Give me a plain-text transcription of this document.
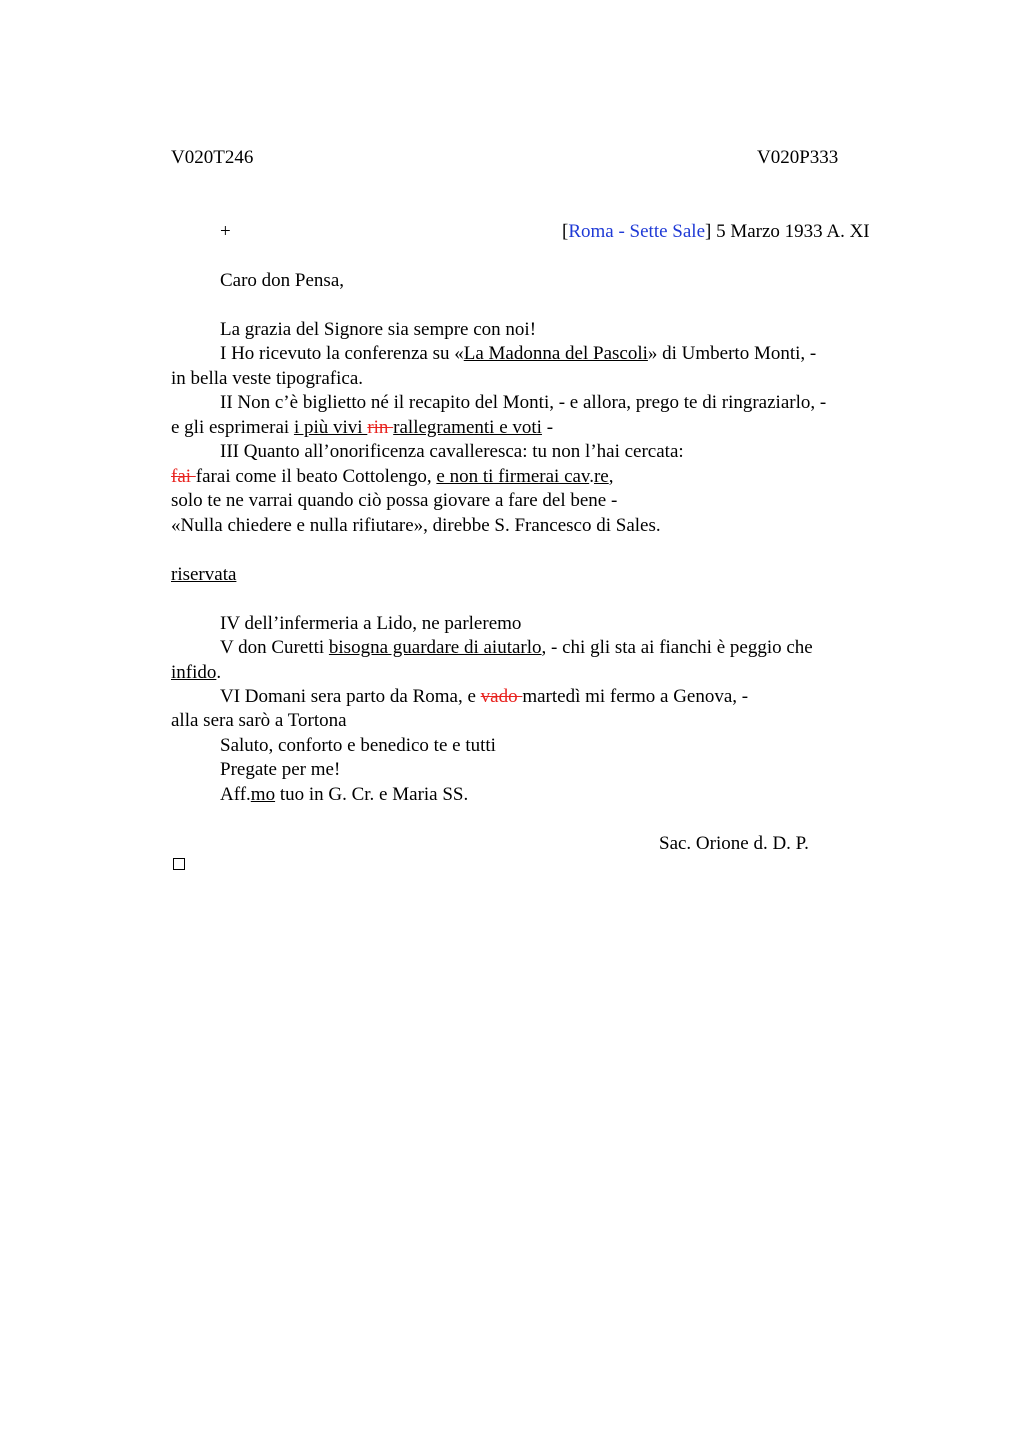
V020T246	V020P333
+	[Roma - Sette Sale] 5 Marzo 1933 A. XI
Caro don Pensa,
La grazia del Signore sia sempre con noi!
I Ho ricevuto la conferenza su «La Madonna del Pascoli» di Umberto Monti, -
in bella veste tipografica.
II Non c’è biglietto né il recapito del Monti, - e allora, prego te di ringraziarlo, -
e gli esprimerai i più vivi rin rallegramenti e voti -
III Quanto all’onorificenza cavalleresca: tu non l’hai cercata:
fai farai come il beato Cottolengo, e non ti firmerai cav.re,
solo te ne varrai quando ciò possa giovare a fare del bene -
«Nulla chiedere e nulla rifiutare», direbbe S. Francesco di Sales.
riservata
IV dell’infermeria a Lido, ne parleremo
V don Curetti bisogna guardare di aiutarlo, - chi gli sta ai fianchi è peggio che
infido.
VI Domani sera parto da Roma, e vado martedì mi fermo a Genova, -
alla sera sarò a Tortona
Saluto, conforto e benedico te e tutti
Pregate per me!
Aff.mo tuo in G. Cr. e Maria SS.
Sac. Orione d. D. P.
